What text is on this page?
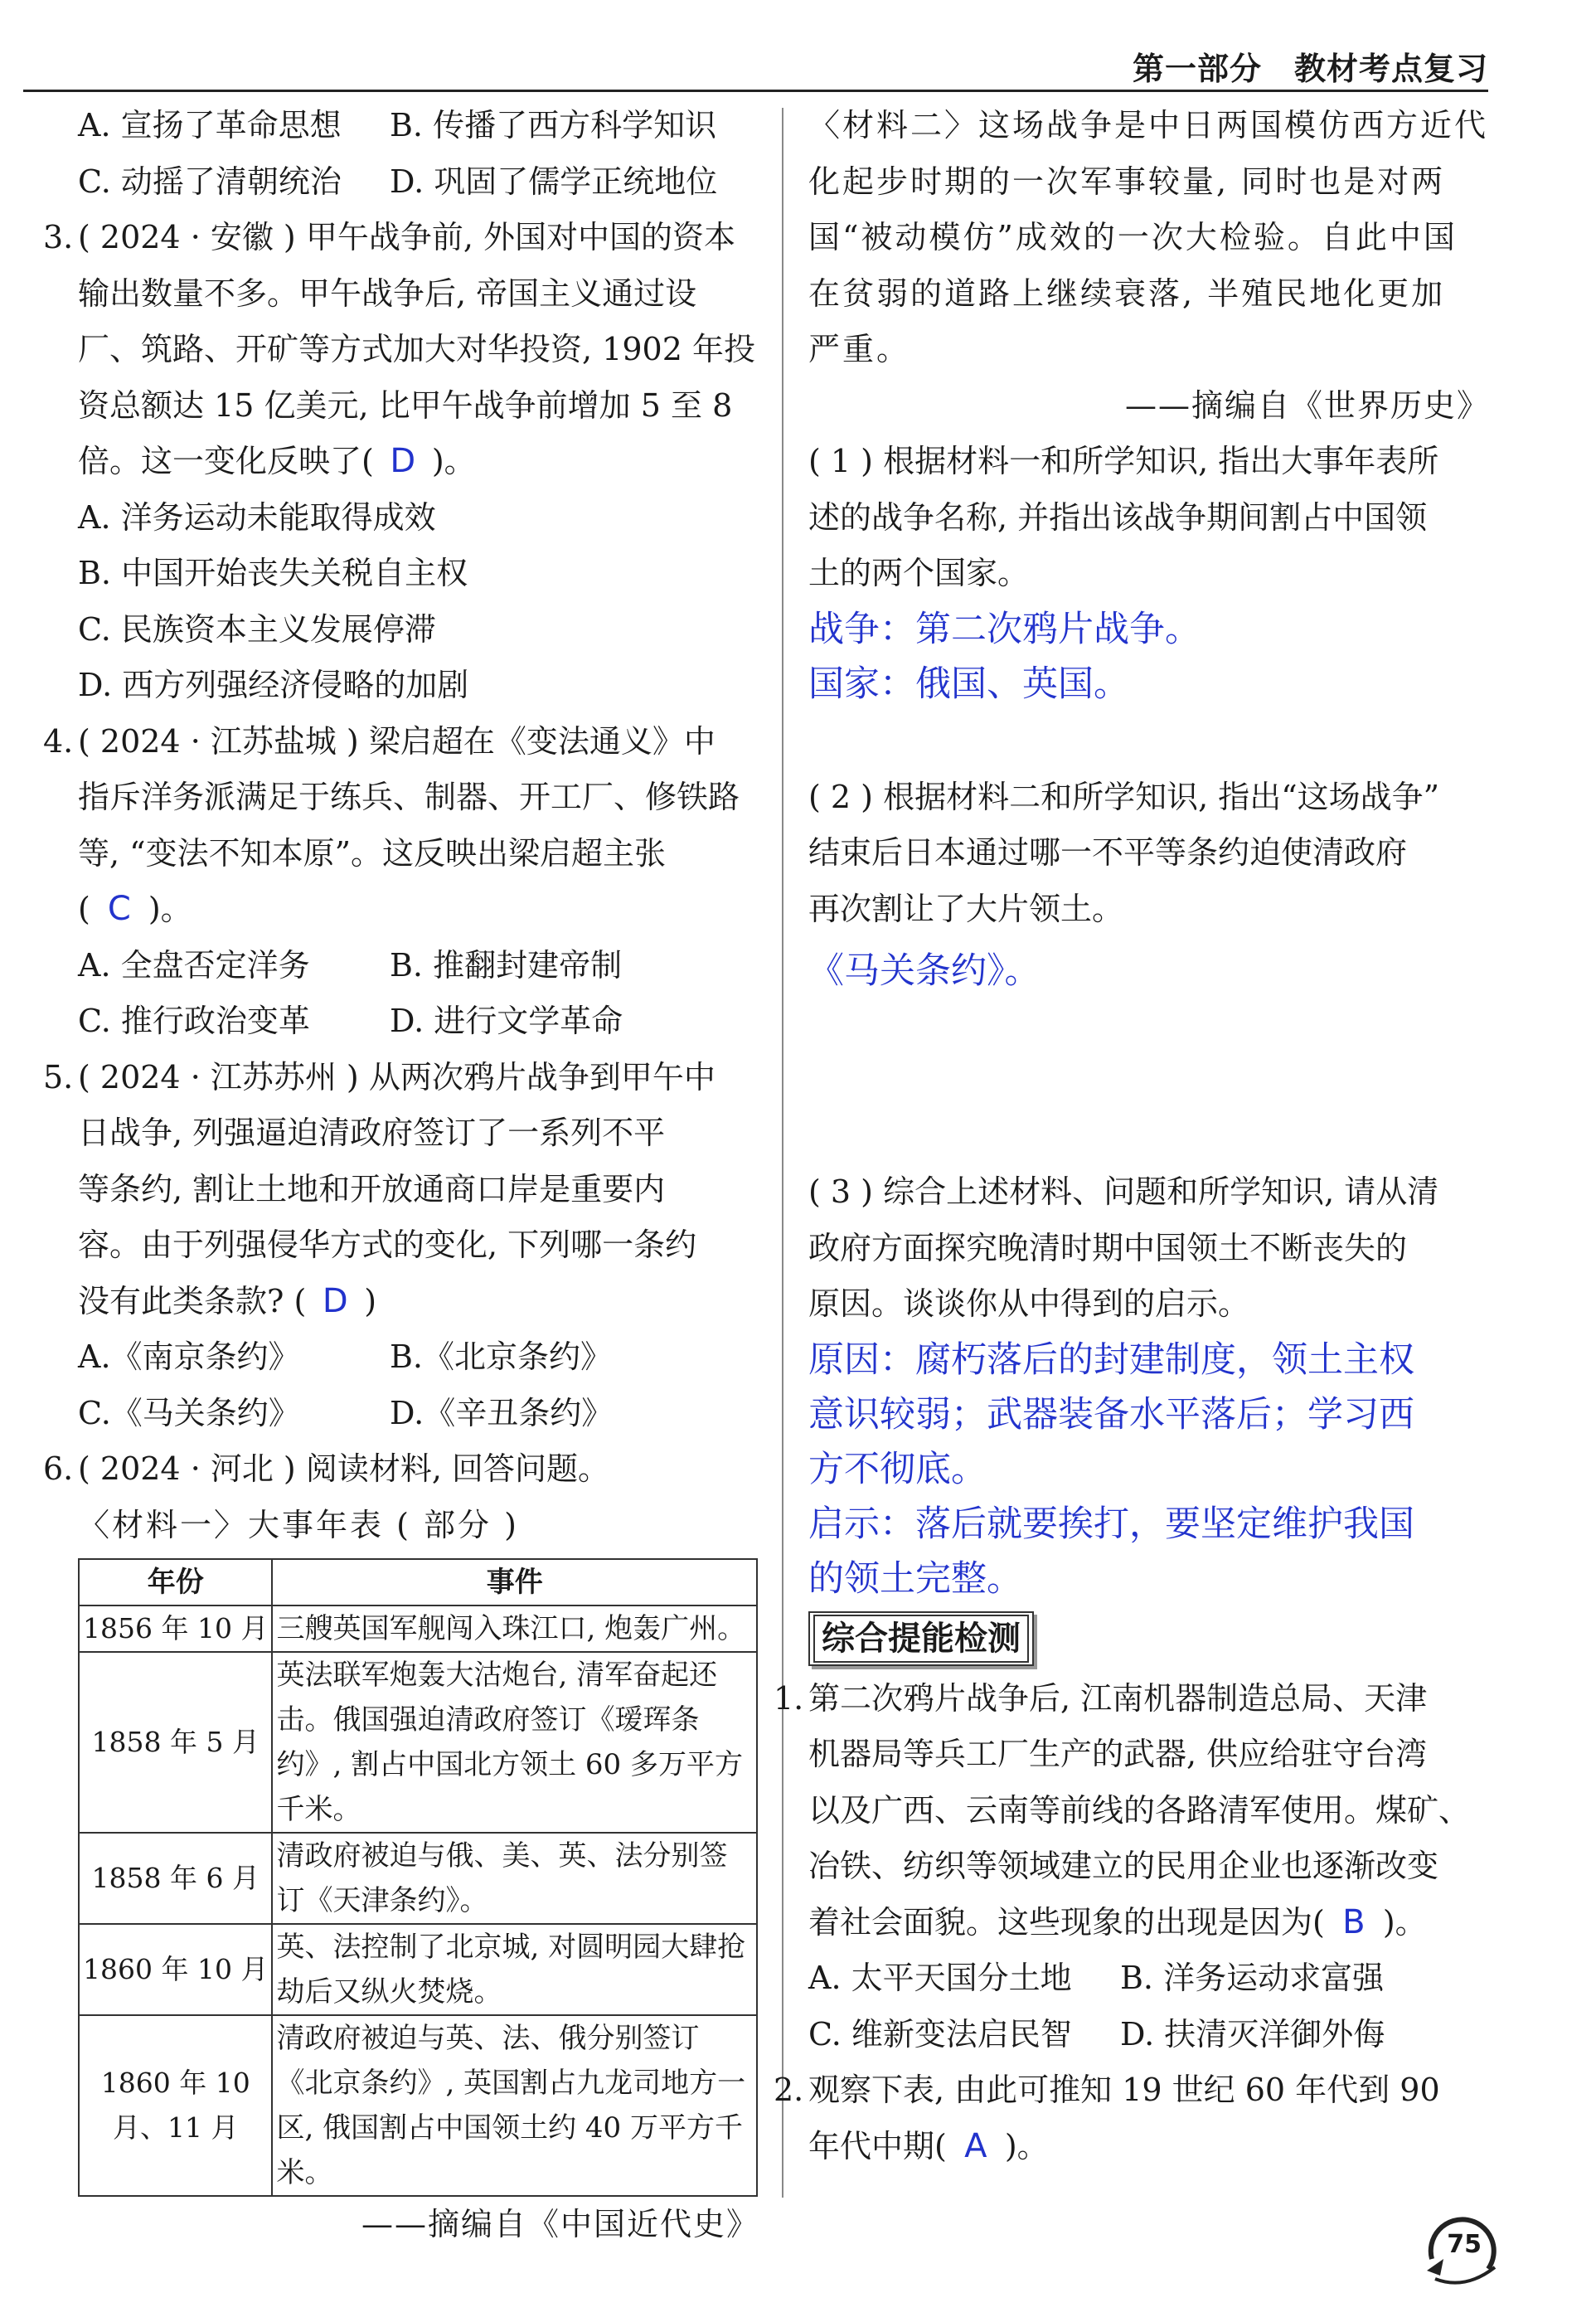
第一部分　教材考点复习
A. 宣扬了革命思想	B. 传播了西方科学知识
C. 动摇了清朝统治	D. 巩固了儒学正统地位
3. ( 2024 · 安徽 ) 甲午战争前, 外国对中国的资本
输出数量不多。甲午战争后, 帝国主义通过设
厂、筑路、开矿等方式加大对华投资, 1902 年投
资总额达 15 亿美元, 比甲午战争前增加 5 至 8
倍。这一变化反映了( D )。
A. 洋务运动未能取得成效
B. 中国开始丧失关税自主权
C. 民族资本主义发展停滞
D. 西方列强经济侵略的加剧
4. ( 2024 · 江苏盐城 ) 梁启超在《变法通义》中
指斥洋务派满足于练兵、制器、开工厂、修铁路
等, “变法不知本原”。这反映出梁启超主张
( C )。
A. 全盘否定洋务	B. 推翻封建帝制
C. 推行政治变革	D. 进行文学革命
5. ( 2024 · 江苏苏州 ) 从两次鸦片战争到甲午中
日战争, 列强逼迫清政府签订了一系列不平
等条约, 割让土地和开放通商口岸是重要内
容。由于列强侵华方式的变化, 下列哪一条约
没有此类条款? ( D )
A.《南京条约》	B.《北京条约》
C.《马关条约》	D.《辛丑条约》
6. ( 2024 · 河北 ) 阅读材料, 回答问题。
〈材料一〉大事年表 ( 部分 )
年份	事件
1856 年 10 月	三艘英国军舰闯入珠江口, 炮轰广州。
1858 年 5 月	英法联军炮轰大沽炮台, 清军奋起还击。俄国强迫清政府签订《瑷珲条约》, 割占中国北方领土 60 多万平方千米。
1858 年 6 月	清政府被迫与俄、美、英、法分别签订《天津条约》。
1860 年 10 月	英、法控制了北京城, 对圆明园大肆抢劫后又纵火焚烧。
1860 年 10 月、11 月	清政府被迫与英、法、俄分别签订《北京条约》, 英国割占九龙司地方一区, 俄国割占中国领土约 40 万平方千米。
——摘编自《中国近代史》
〈材料二〉这场战争是中日两国模仿西方近代
化起步时期的一次军事较量, 同时也是对两
国“被动模仿”成效的一次大检验。自此中国
在贫弱的道路上继续衰落, 半殖民地化更加
严重。
——摘编自《世界历史》
( 1 ) 根据材料一和所学知识, 指出大事年表所
述的战争名称, 并指出该战争期间割占中国领
土的两个国家。
战争：第二次鸦片战争。
国家：俄国、英国。
( 2 ) 根据材料二和所学知识, 指出“这场战争”
结束后日本通过哪一不平等条约迫使清政府
再次割让了大片领土。
《马关条约》。
( 3 ) 综合上述材料、问题和所学知识, 请从清
政府方面探究晚清时期中国领土不断丧失的
原因。谈谈你从中得到的启示。
原因：腐朽落后的封建制度，领土主权
意识较弱；武器装备水平落后；学习西
方不彻底。
启示：落后就要挨打，要坚定维护我国
的领土完整。
综合提能检测
1. 第二次鸦片战争后, 江南机器制造总局、天津
机器局等兵工厂生产的武器, 供应给驻守台湾
以及广西、云南等前线的各路清军使用。煤矿、
冶铁、纺织等领域建立的民用企业也逐渐改变
着社会面貌。这些现象的出现是因为( B )。
A. 太平天国分土地	B. 洋务运动求富强
C. 维新变法启民智	D. 扶清灭洋御外侮
2. 观察下表, 由此可推知 19 世纪 60 年代到 90
年代中期( A )。
75
